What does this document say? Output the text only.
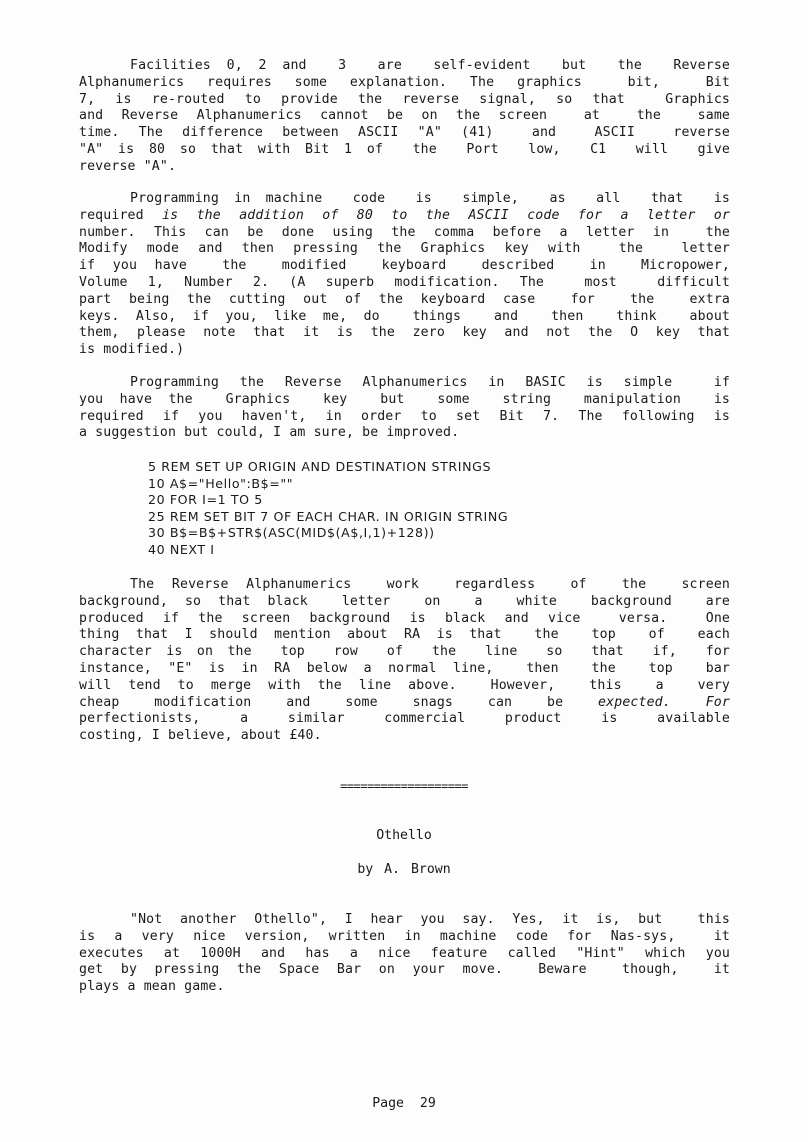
Facilities 0, 2 and  3  are  self-evident  but  the  Reverse
Alphanumerics requires some explanation. The graphics  bit,  Bit
7, is re-routed to provide the reverse signal, so that  Graphics
and Reverse Alphanumerics cannot be on the screen  at  the  same
time. The difference between ASCII "A" (41)  and  ASCII  reverse
"A" is 80 so that with Bit 1 of  the  Port  low,  C1  will  give
reverse "A".
Programming in machine  code  is  simple,  as  all  that  is
required is the addition of 80 to the ASCII code for a letter or
number. This can be done using the comma before a letter in  the
Modify mode and then pressing the Graphics key with  the  letter
if you have  the  modified  keyboard  described  in  Micropower,
Volume 1, Number 2. (A superb modification. The  most  difficult
part being the cutting out of the keyboard case  for  the  extra
keys. Also, if you, like me, do  things  and  then  think  about
them, please note that it is the zero key and not the O key that
is modified.)
Programming the Reverse Alphanumerics in BASIC is simple  if
you have the  Graphics  key  but  some  string  manipulation  is
required if you haven't, in order to set Bit 7. The following is
a suggestion but could, I am sure, be improved.
5 REM SET UP ORIGIN AND DESTINATION STRINGS
10 A$="Hello":B$=""
20 FOR I=1 TO 5
25 REM SET BIT 7 OF EACH CHAR. IN ORIGIN STRING
30 B$=B$+STR$(ASC(MID$(A$,I,1)+128))
40 NEXT I
The Reverse Alphanumerics  work  regardless  of  the  screen
background, so that black  letter  on  a  white  background  are
produced if the screen background is black and vice  versa.  One
thing that I should mention about RA is that  the  top  of  each
character is on the  top  row  of  the  line  so  that  if,  for
instance, "E" is in RA below a normal line,  then  the  top  bar
will tend to merge with the line above.  However,  this  a  very
cheap  modification  and  some  snags  can  be  expected.  For
perfectionists,  a  similar  commercial  product  is  available
costing, I believe, about £40.
===================
Othello
by A. Brown
"Not another Othello", I hear you say. Yes, it is, but  this
is a very nice version, written in machine code for Nas-sys,  it
executes at 1000H and has a nice feature called "Hint" which you
get by pressing the Space Bar on your move.  Beware  though,  it
plays a mean game.
Page 29
